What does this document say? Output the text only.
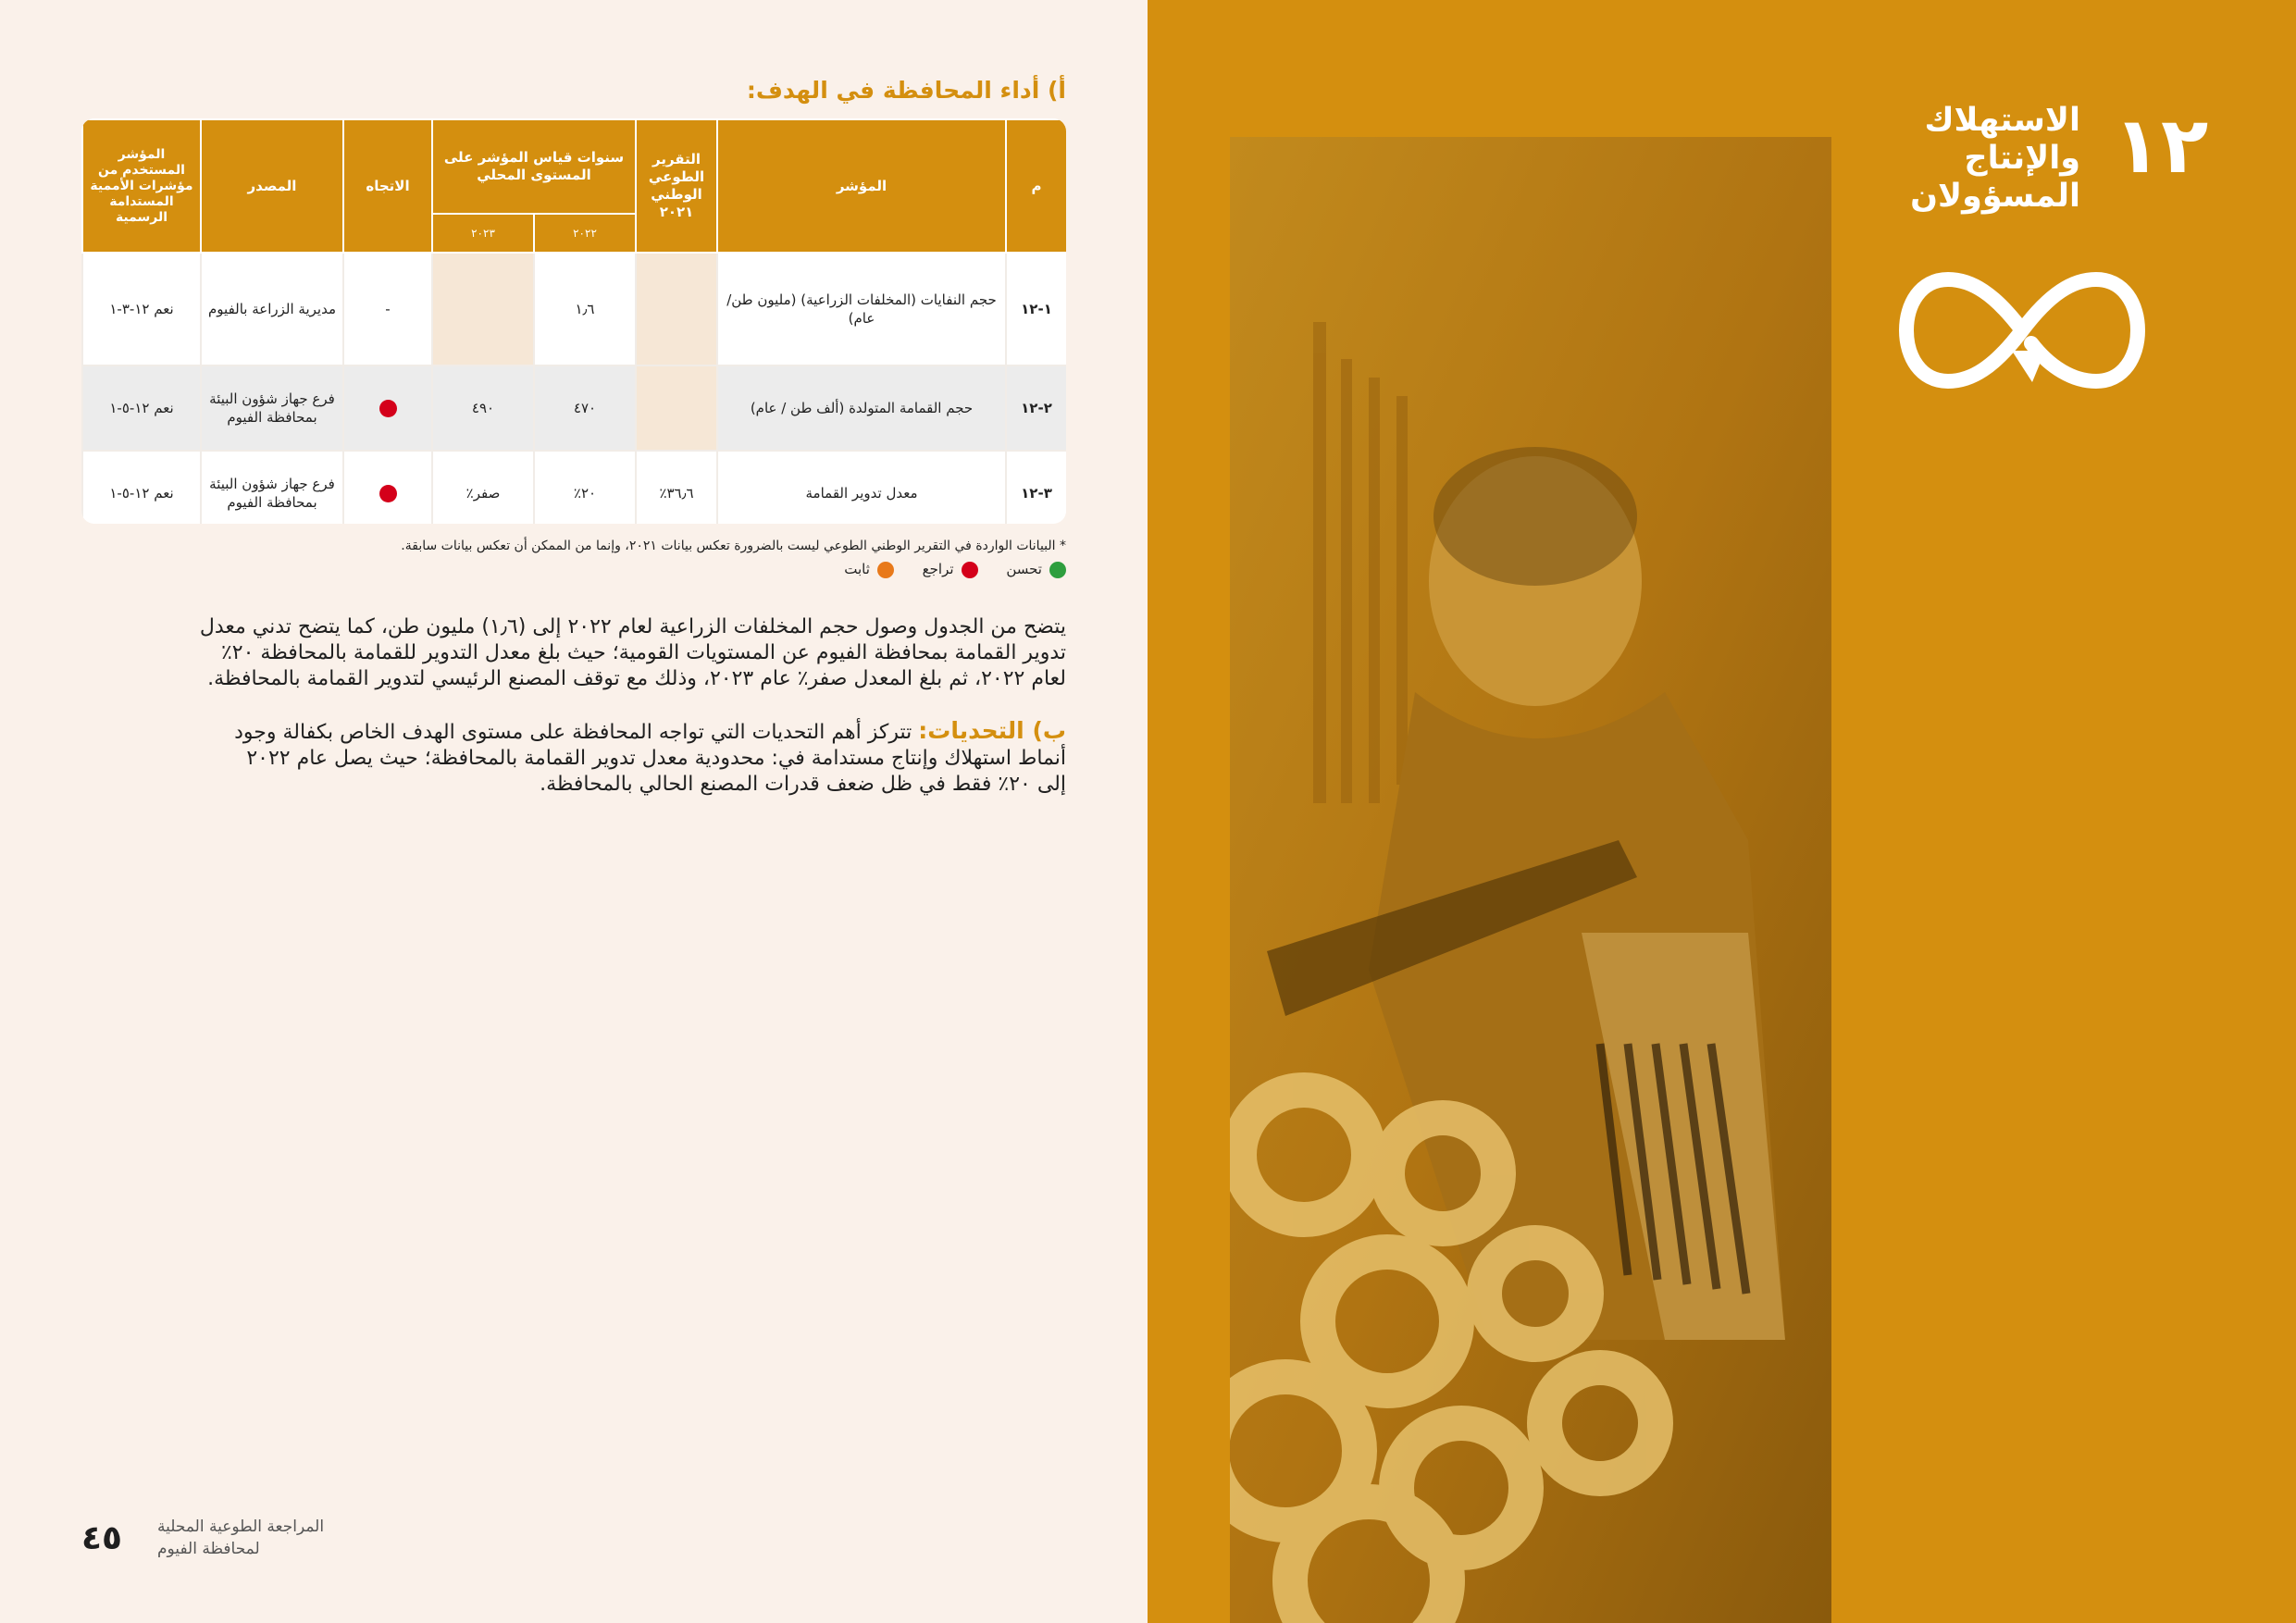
أ) أداء المحافظة في الهدف:
م	المؤشر	التقرير الطوعي الوطني ٢٠٢١	سنوات قياس المؤشر على المستوى المحلي		الاتجاه	المصدر	المؤشر المستخدم من مؤشرات الأممية المستدامة الرسمية
			٢٠٢٢	٢٠٢٣			
١-١٢	حجم النفايات (المخلفات الزراعية) (مليون طن/ عام)		١٫٦		-	مديرية الزراعة بالفيوم	نعم ١٢-٣-١
٢-١٢	حجم القمامة المتولدة (ألف طن / عام)		٤٧٠	٤٩٠		فرع جهاز شؤون البيئة بمحافظة الفيوم	نعم ١٢-٥-١
٣-١٢	معدل تدوير القمامة	٣٦٫٦٪	٢٠٪	صفر٪		فرع جهاز شؤون البيئة بمحافظة الفيوم	نعم ١٢-٥-١
* البيانات الواردة في التقرير الوطني الطوعي ليست بالضرورة تعكس بيانات ٢٠٢١، وإنما من الممكن أن تعكس بيانات سابقة.
تحسن تراجع ثابت
يتضح من الجدول وصول حجم المخلفات الزراعية لعام ٢٠٢٢ إلى (١٫٦) مليون طن، كما يتضح تدني معدل
تدوير القمامة بمحافظة الفيوم عن المستويات القومية؛ حيث بلغ معدل التدوير للقمامة بالمحافظة ٢٠٪
لعام ٢٠٢٢، ثم بلغ المعدل صفر٪ عام ٢٠٢٣، وذلك مع توقف المصنع الرئيسي لتدوير القمامة بالمحافظة.
ب) التحديات: تتركز أهم التحديات التي تواجه المحافظة على مستوى الهدف الخاص بكفالة وجود
أنماط استهلاك وإنتاج مستدامة في: محدودية معدل تدوير القمامة بالمحافظة؛ حيث يصل عام ٢٠٢٢
إلى ٢٠٪ فقط في ظل ضعف قدرات المصنع الحالي بالمحافظة.
المراجعة الطوعية المحلية
لمحافظة الفيوم
٤٥
١٢
الاستهلاك
والإنتاج
المسؤولان
